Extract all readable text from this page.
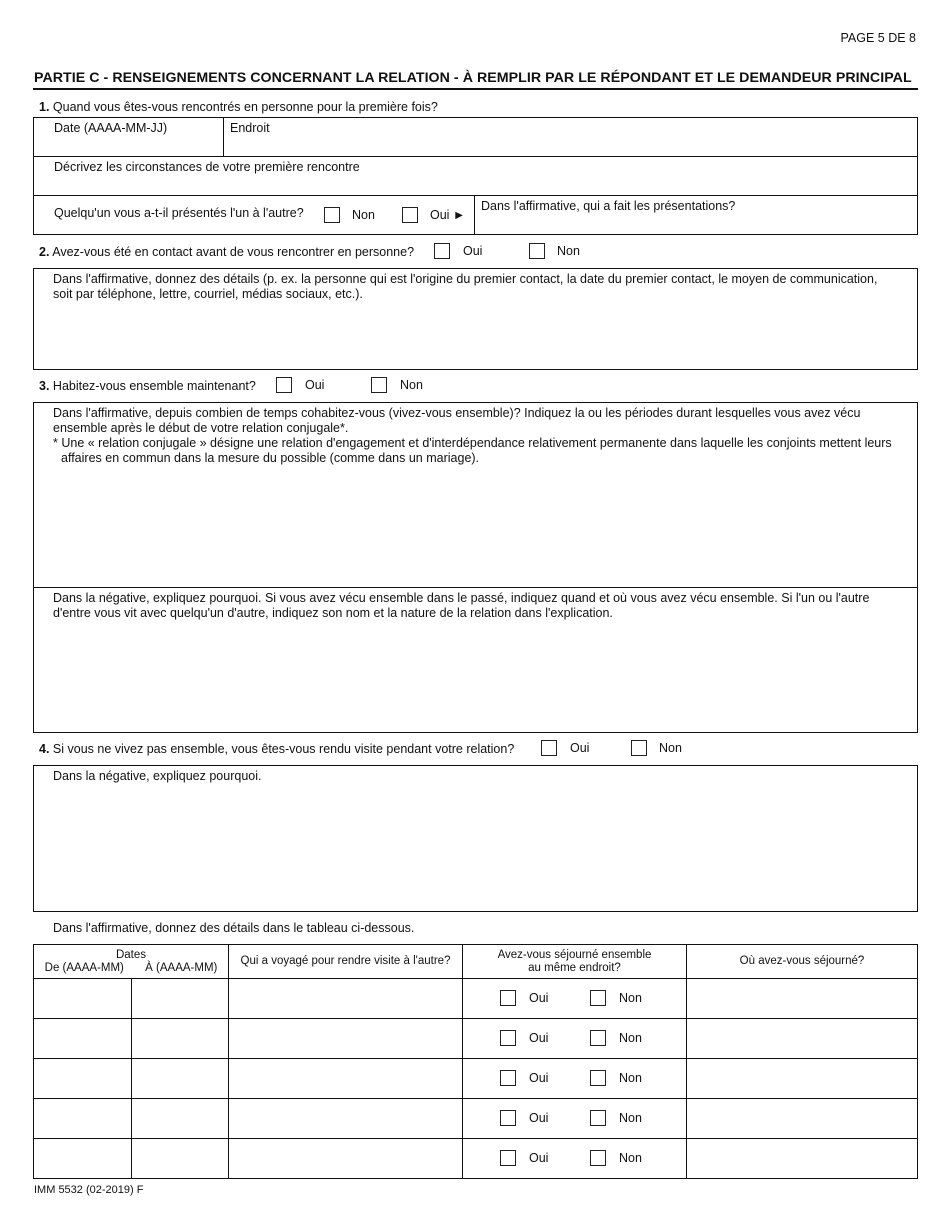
PAGE 5 DE 8
PARTIE C - RENSEIGNEMENTS CONCERNANT LA RELATION - À REMPLIR PAR LE RÉPONDANT ET LE DEMANDEUR PRINCIPAL
1. Quand vous êtes-vous rencontrés en personne pour la première fois?
Date (AAAA-MM-JJ)	Endroit
Décrivez les circonstances de votre première rencontre
Quelqu'un vous a-t-il présentés l'un à l'autre?	Non	Oui ►
Dans l'affirmative, qui a fait les présentations?
2. Avez-vous été en contact avant de vous rencontrer en personne?	Oui	Non
Dans l'affirmative, donnez des détails (p. ex. la personne qui est l'origine du premier contact, la date du premier contact, le moyen de communication, soit par téléphone, lettre, courriel, médias sociaux, etc.).
3. Habitez-vous ensemble maintenant?	Oui	Non
Dans l'affirmative, depuis combien de temps cohabitez-vous (vivez-vous ensemble)? Indiquez la ou les périodes durant lesquelles vous avez vécu ensemble après le début de votre relation conjugale*.
* Une « relation conjugale » désigne une relation d'engagement et d'interdépendance relativement permanente dans laquelle les conjoints mettent leurs affaires en commun dans la mesure du possible (comme dans un mariage).
Dans la négative, expliquez pourquoi. Si vous avez vécu ensemble dans le passé, indiquez quand et où vous avez vécu ensemble. Si l'un ou l'autre d'entre vous vit avec quelqu'un d'autre, indiquez son nom et la nature de la relation dans l'explication.
4. Si vous ne vivez pas ensemble, vous êtes-vous rendu visite pendant votre relation?	Oui	Non
Dans la négative, expliquez pourquoi.
Dans l'affirmative, donnez des détails dans le tableau ci-dessous.
Dates
De (AAAA-MM) À (AAAA-MM)		Qui a voyagé pour rendre visite à l'autre?	Avez-vous séjourné ensemble au même endroit?	Où avez-vous séjourné?

			Oui Non	

			Oui Non	

			Oui Non	

			Oui Non	

			Oui Non	

IMM 5532 (02-2019) F
